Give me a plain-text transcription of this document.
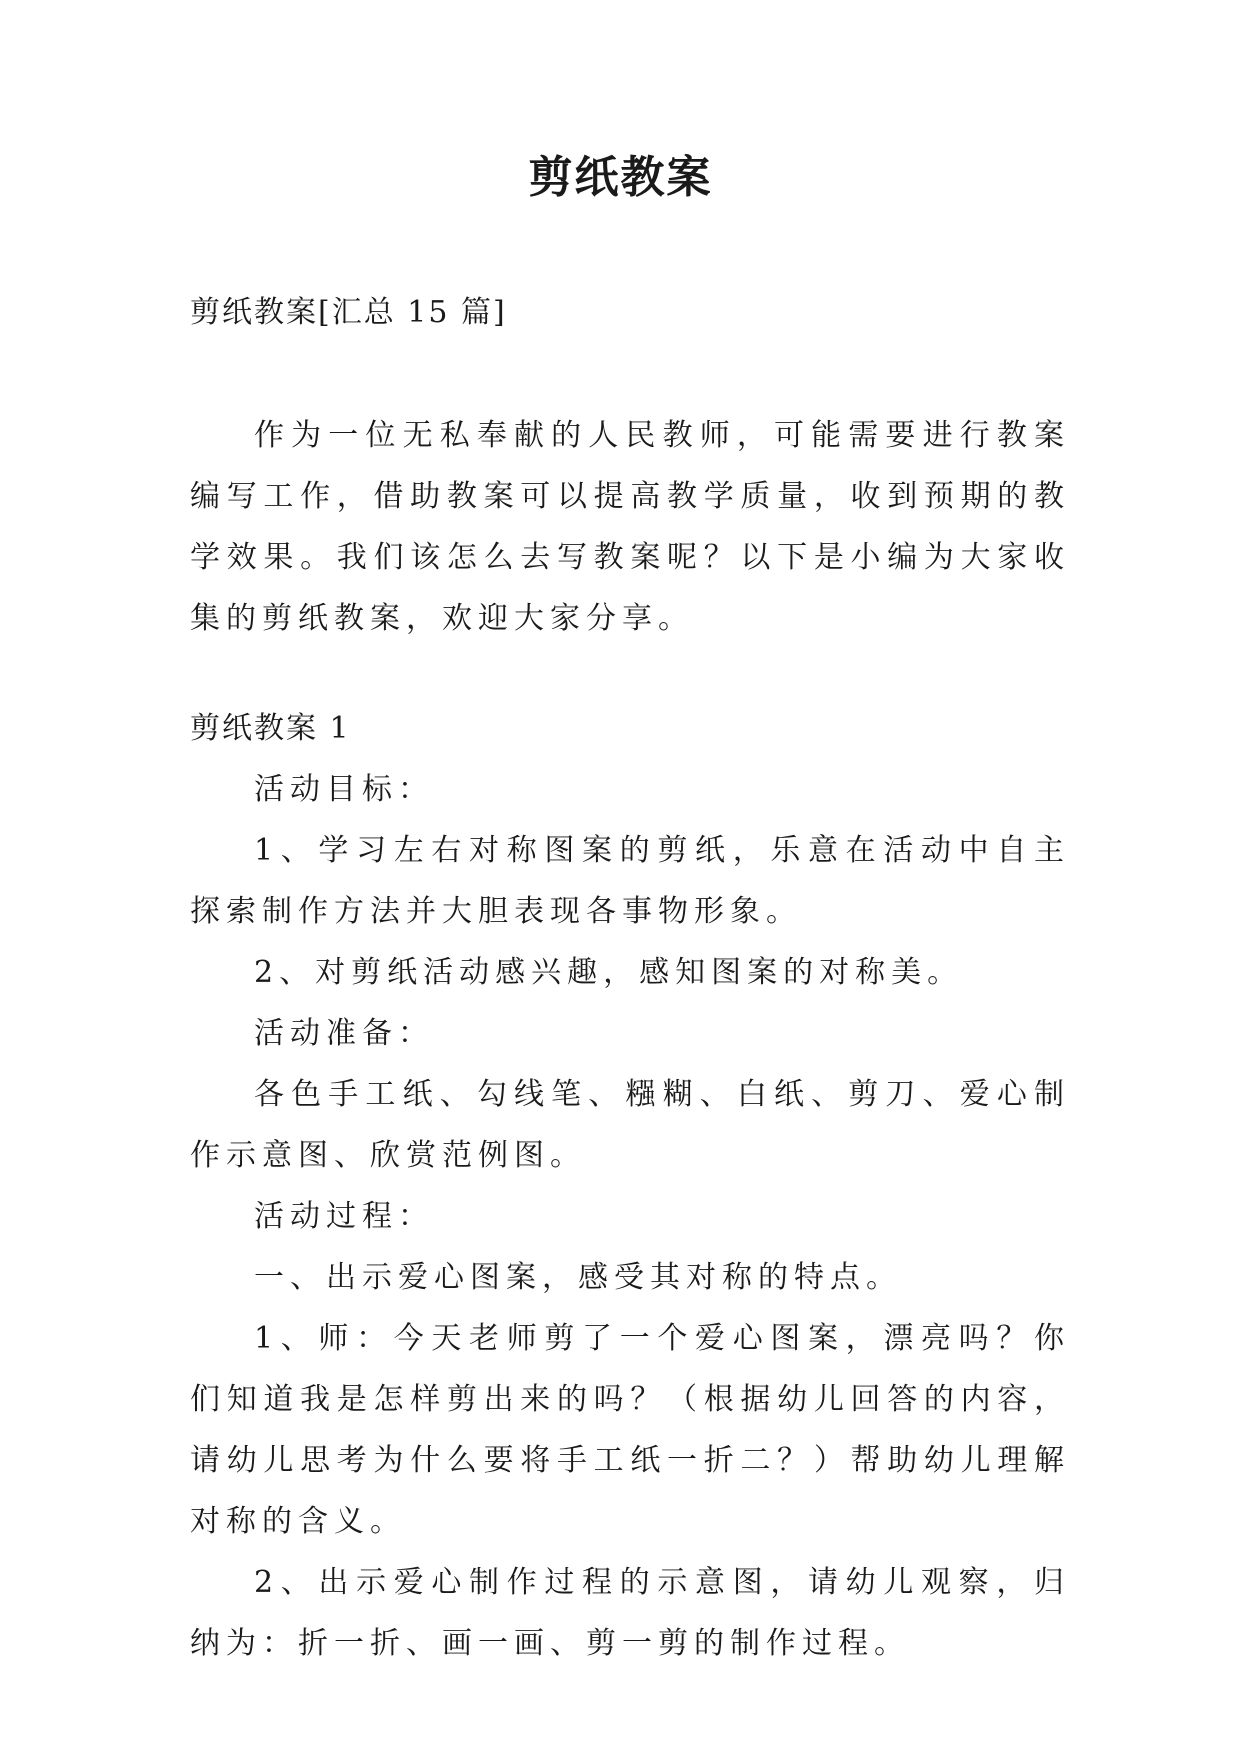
剪纸教案

剪纸教案[汇总 15 篇]

作为一位无私奉献的人民教师，可能需要进行教案编写工作，借助教案可以提高教学质量，收到预期的教学效果。我们该怎么去写教案呢？以下是小编为大家收集的剪纸教案，欢迎大家分享。

剪纸教案 1

活动目标：

1、学习左右对称图案的剪纸，乐意在活动中自主探索制作方法并大胆表现各事物形象。

2、对剪纸活动感兴趣，感知图案的对称美。

活动准备：

各色手工纸、勾线笔、糨糊、白纸、剪刀、爱心制作示意图、欣赏范例图。

活动过程：

一、出示爱心图案，感受其对称的特点。

1、师：今天老师剪了一个爱心图案，漂亮吗？你们知道我是怎样剪出来的吗？（根据幼儿回答的内容，请幼儿思考为什么要将手工纸一折二？）帮助幼儿理解对称的含义。

2、出示爱心制作过程的示意图，请幼儿观察，归纳为：折一折、画一画、剪一剪的制作过程。
